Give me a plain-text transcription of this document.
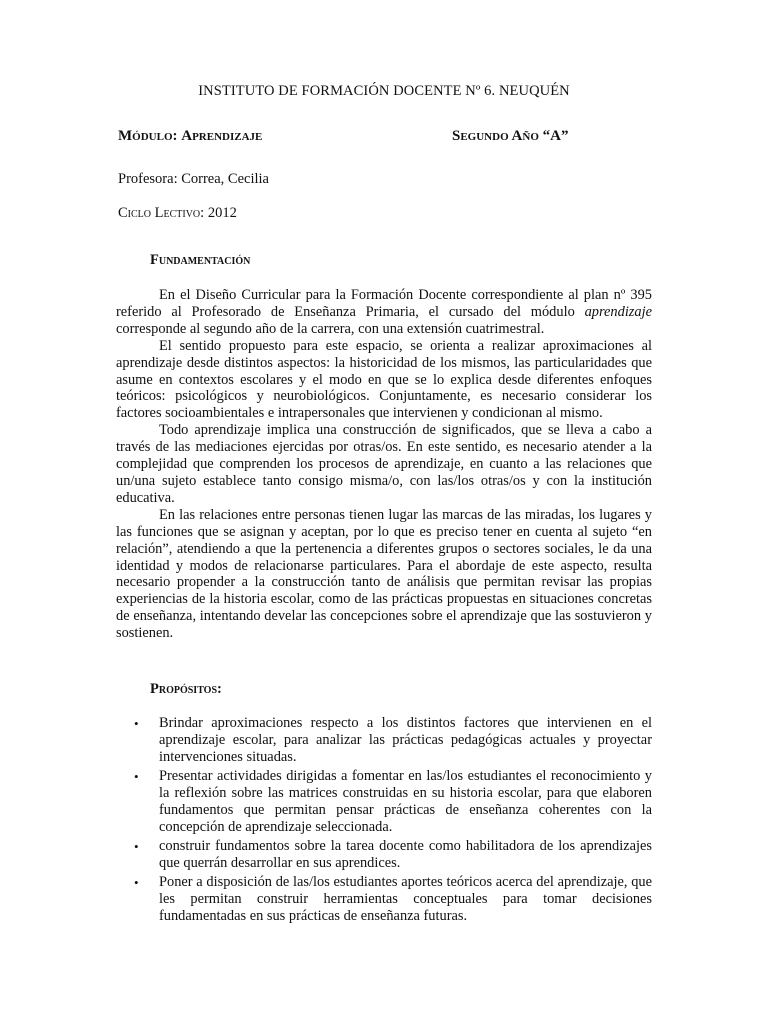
INSTITUTO DE FORMACIÓN DOCENTE Nº 6. NEUQUÉN
Módulo: Aprendizaje	Segundo Año “A”
Profesora: Correa, Cecilia
Ciclo Lectivo: 2012
Fundamentación

En el Diseño Curricular para la Formación Docente correspondiente al plan nº 395 referido al Profesorado de Enseñanza Primaria, el cursado del módulo aprendizaje corresponde al segundo año de la carrera, con una extensión cuatrimestral.

El sentido propuesto para este espacio, se orienta a realizar aproximaciones al aprendizaje desde distintos aspectos: la historicidad de los mismos, las particularidades que asume en contextos escolares y el modo en que se lo explica desde diferentes enfoques teóricos: psicológicos y neurobiológicos. Conjuntamente, es necesario considerar los factores socioambientales e intrapersonales que intervienen y condicionan al mismo.

Todo aprendizaje implica una construcción de significados, que se lleva a cabo a través de las mediaciones ejercidas por otras/os. En este sentido, es necesario atender a la complejidad que comprenden los procesos de aprendizaje, en cuanto a las relaciones que un/una sujeto establece tanto consigo misma/o, con las/los otras/os y con la institución educativa.

En las relaciones entre personas tienen lugar las marcas de las miradas, los lugares y las funciones que se asignan y aceptan, por lo que es preciso tener en cuenta al sujeto “en relación”, atendiendo a que la pertenencia a diferentes grupos o sectores sociales, le da una identidad y modos de relacionarse particulares. Para el abordaje de este aspecto, resulta necesario propender a la construcción tanto de análisis que permitan revisar las propias experiencias de la historia escolar, como de las prácticas propuestas en situaciones concretas de enseñanza, intentando develar las concepciones sobre el aprendizaje que las sostuvieron y sostienen.

Propósitos:
• Brindar aproximaciones respecto a los distintos factores que intervienen en el aprendizaje escolar, para analizar las prácticas pedagógicas actuales y proyectar intervenciones situadas.
• Presentar actividades dirigidas a fomentar en las/los estudiantes el reconocimiento y la reflexión sobre las matrices construidas en su historia escolar, para que elaboren fundamentos que permitan pensar prácticas de enseñanza coherentes con la concepción de aprendizaje seleccionada.
• construir fundamentos sobre la tarea docente como habilitadora de los aprendizajes que querrán desarrollar en sus aprendices.
• Poner a disposición de las/los estudiantes aportes teóricos acerca del aprendizaje, que les permitan construir herramientas conceptuales para tomar decisiones fundamentadas en sus prácticas de enseñanza futuras.
